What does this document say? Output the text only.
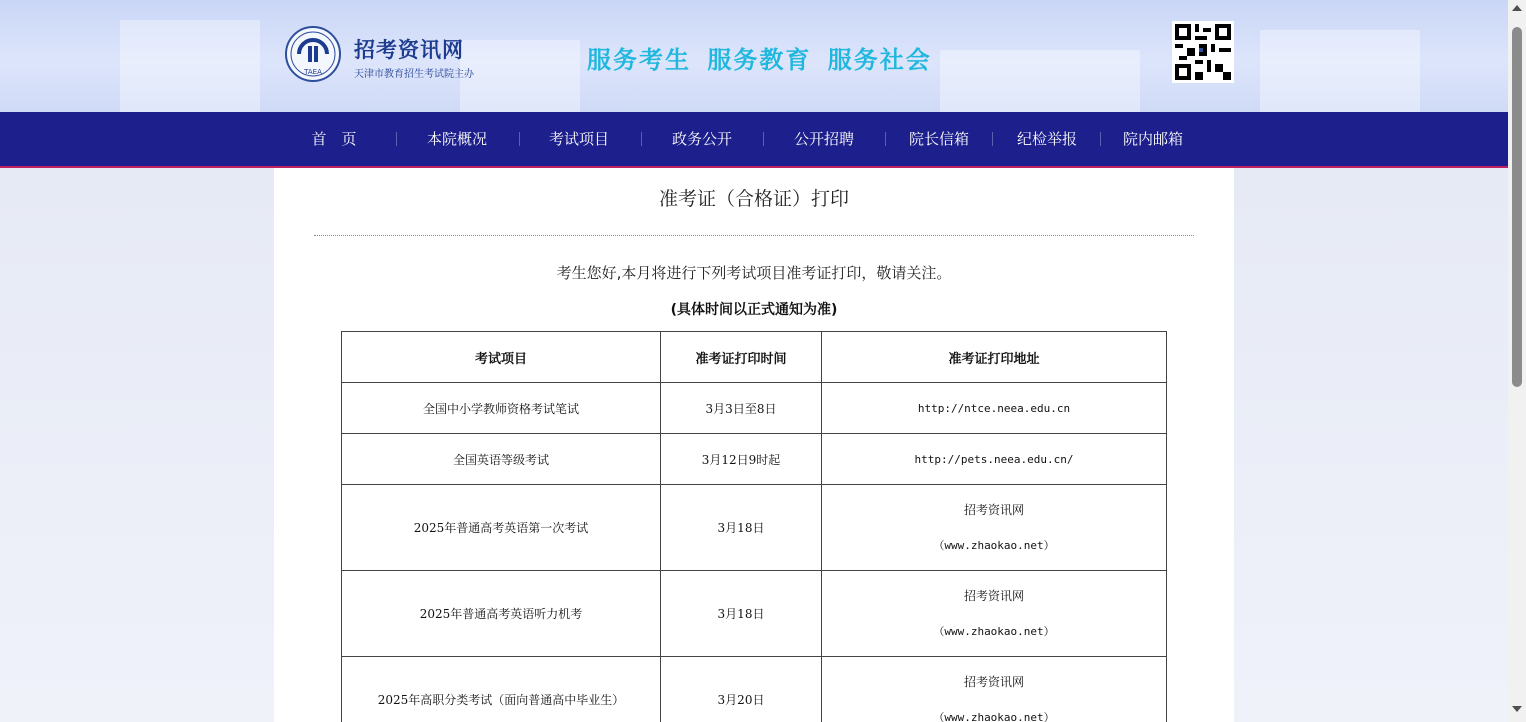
TAEA
招考资讯网
天津市教育招生考试院主办
服务考生 服务教育 服务社会
首　页	本院概况	考试项目	政务公开	公开招聘	院长信箱	纪检举报	院内邮箱
准考证（合格证）打印
考生您好,本月将进行下列考试项目准考证打印，敬请关注。
(具体时间以正式通知为准)
考试项目	准考证打印时间	准考证打印地址
全国中小学教师资格考试笔试	3月3日至8日	http://ntce.neea.edu.cn
全国英语等级考试	3月12日9时起	http://pets.neea.edu.cn/
2025年普通高考英语第一次考试	3月18日	招考资讯网
（www.zhaokao.net）

2025年普通高考英语听力机考	3月18日	招考资讯网
（www.zhaokao.net）

2025年高职分类考试（面向普通高中毕业生）	3月20日	招考资讯网
（www.zhaokao.net）
